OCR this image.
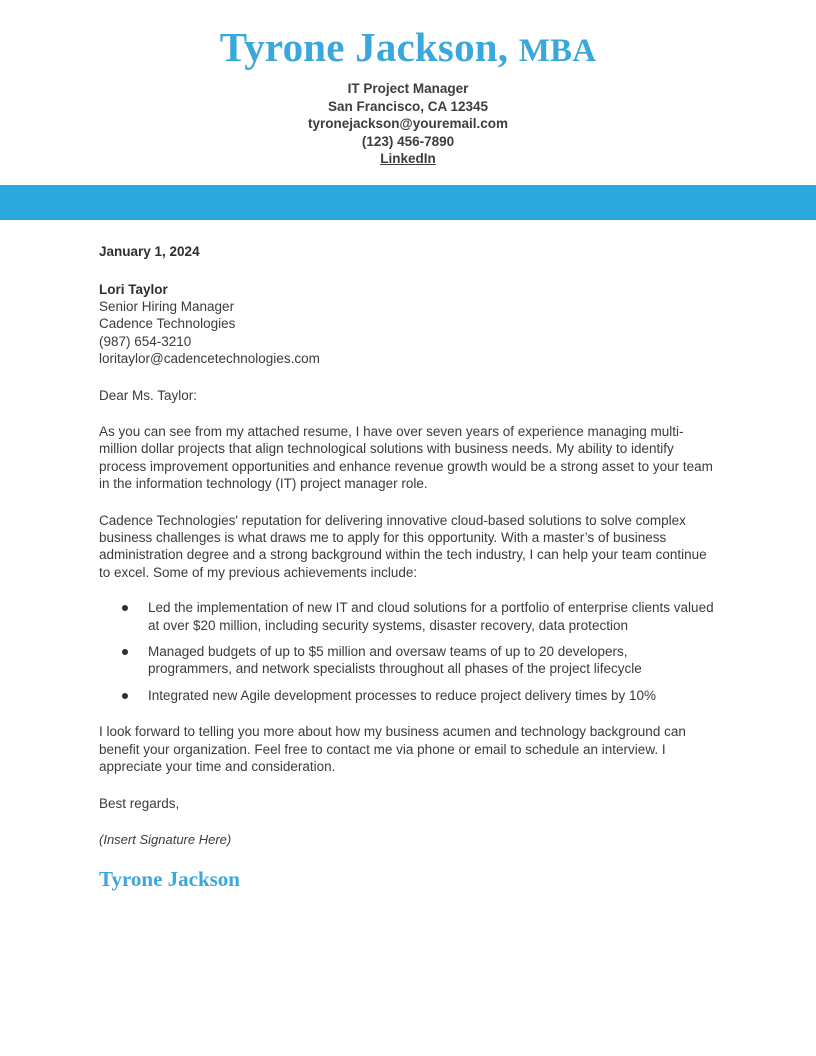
Tyrone Jackson, MBA
IT Project Manager
San Francisco, CA 12345
tyronejackson@youremail.com
(123) 456-7890
LinkedIn
January 1, 2024
Lori Taylor
Senior Hiring Manager
Cadence Technologies
(987) 654-3210
loritaylor@cadencetechnologies.com
Dear Ms. Taylor:

As you can see from my attached resume, I have over seven years of experience managing multi-million dollar projects that align technological solutions with business needs. My ability to identify process improvement opportunities and enhance revenue growth would be a strong asset to your team in the information technology (IT) project manager role.

Cadence Technologies' reputation for delivering innovative cloud-based solutions to solve complex business challenges is what draws me to apply for this opportunity. With a master’s of business administration degree and a strong background within the tech industry, I can help your team continue to excel. Some of my previous achievements include:

Led the implementation of new IT and cloud solutions for a portfolio of enterprise clients valued at over $20 million, including security systems, disaster recovery, data protection
Managed budgets of up to $5 million and oversaw teams of up to 20 developers, programmers, and network specialists throughout all phases of the project lifecycle
Integrated new Agile development processes to reduce project delivery times by 10%

I look forward to telling you more about how my business acumen and technology background can benefit your organization. Feel free to contact me via phone or email to schedule an interview. I appreciate your time and consideration.

Best regards,
(Insert Signature Here)
Tyrone Jackson
